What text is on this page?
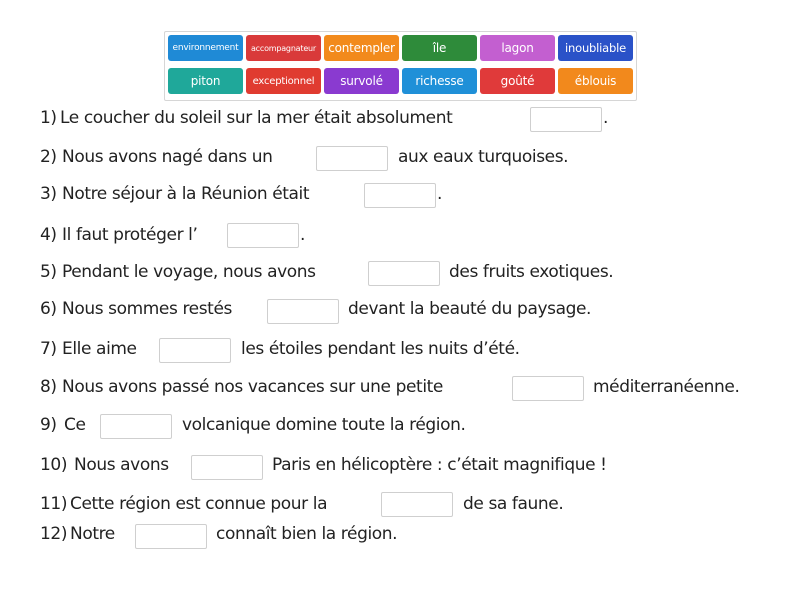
environnement	accompagnateur	contempler	île	lagon	inoubliable
piton	exceptionnel	survolé	richesse	goûté	éblouis
1) Le coucher du soleil sur la mer était absolument	.
2) Nous avons nagé dans un	aux eaux turquoises.
3) Notre séjour à la Réunion était	.
4) Il faut protéger l’	.
5) Pendant le voyage, nous avons	des fruits exotiques.
6) Nous sommes restés	devant la beauté du paysage.
7) Elle aime	les étoiles pendant les nuits d’été.
8) Nous avons passé nos vacances sur une petite	méditerranéenne.
9) Ce	volcanique domine toute la région.
10) Nous avons	Paris en hélicoptère : c’était magnifique !
11) Cette région est connue pour la	de sa faune.
12) Notre	connaît bien la région.
